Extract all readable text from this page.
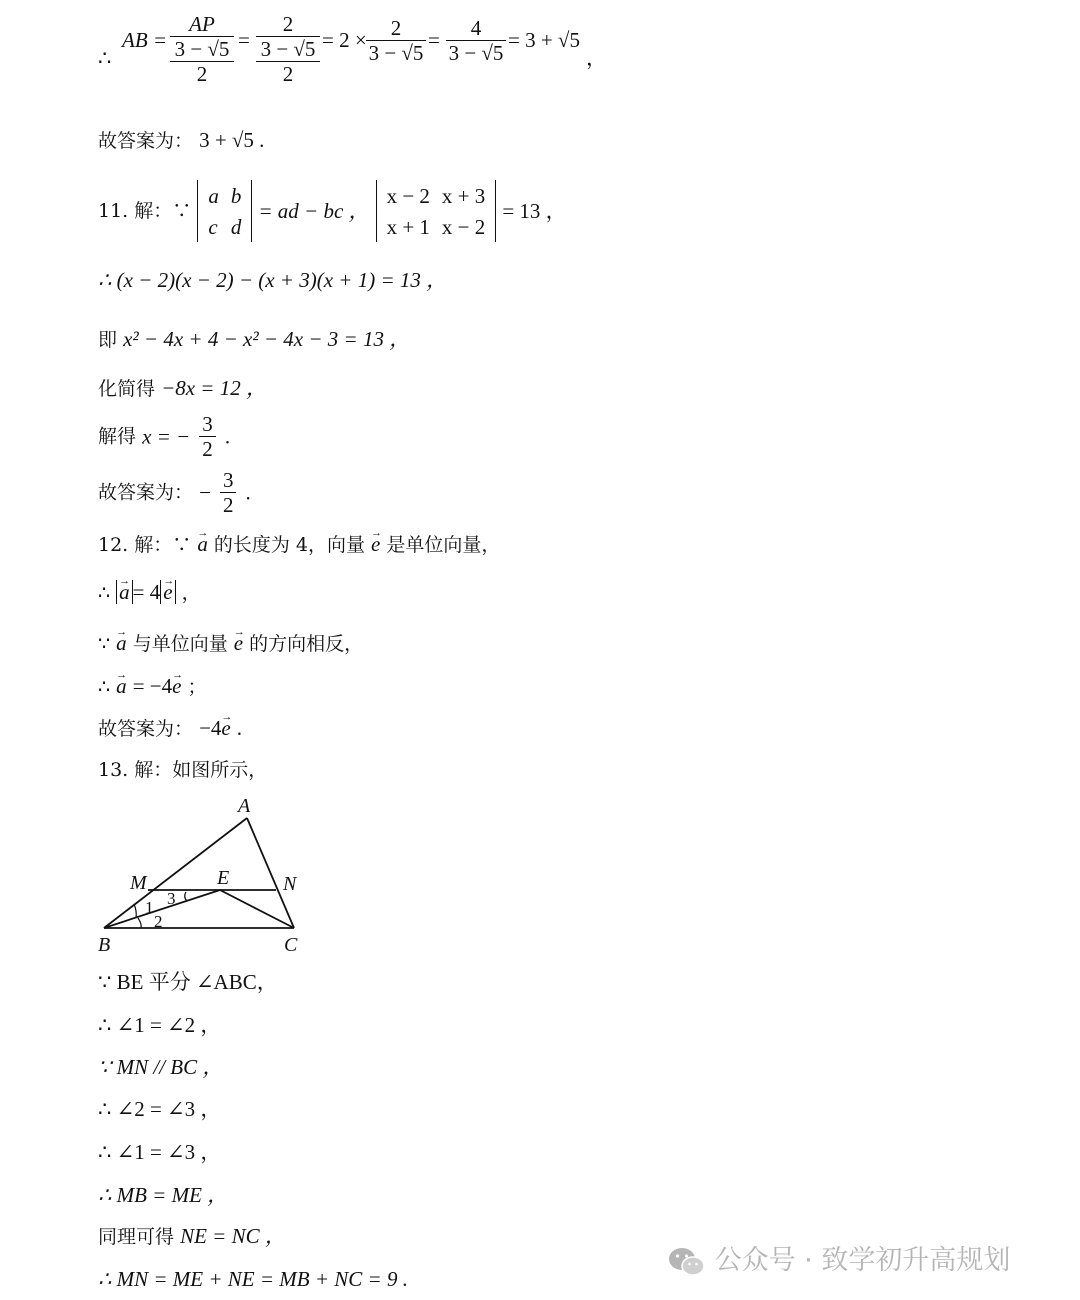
∴
AB =
AP
3 − √5
2
=
2
3 − √5
2
= 2 ×	2
3 − √5
=	4
3 − √5
= 3 + √5
，
故答案为： 3 + √5 .
11. 解：∵
a	b
c	d
= ad − bc ，
x − 2	x + 3
x + 1	x − 2
= 13 ，
∴ (x − 2)(x − 2) − (x + 3)(x + 1) = 13 ，
即 x² − 4x + 4 − x² − 4x − 3 = 13 ，
化简得 −8x = 12 ，
解得 x = − $\frac{3}{2}$ .
故答案为： − $\frac{3}{2}$ .
12. 解：∵ → a 的长度为 4，向量 → e 是单位向量，
∴ → a = 4 → e ，
∵ → a 与单位向量 → e 的方向相反，
∴ → a = −4→ e ；
故答案为： −4→ e .
13. 解：如图所示，
A
M	E	N
B	C
1
2
3
∵ BE 平分 ∠ABC，
∴ ∠1 = ∠2 ，
∵ MN // BC ，
∴ ∠2 = ∠3 ，
∴ ∠1 = ∠3 ，
∴ MB = ME ，
同理可得 NE = NC ，
∴ MN = ME + NE = MB + NC = 9 .
公众号 · 致学初升高规划
